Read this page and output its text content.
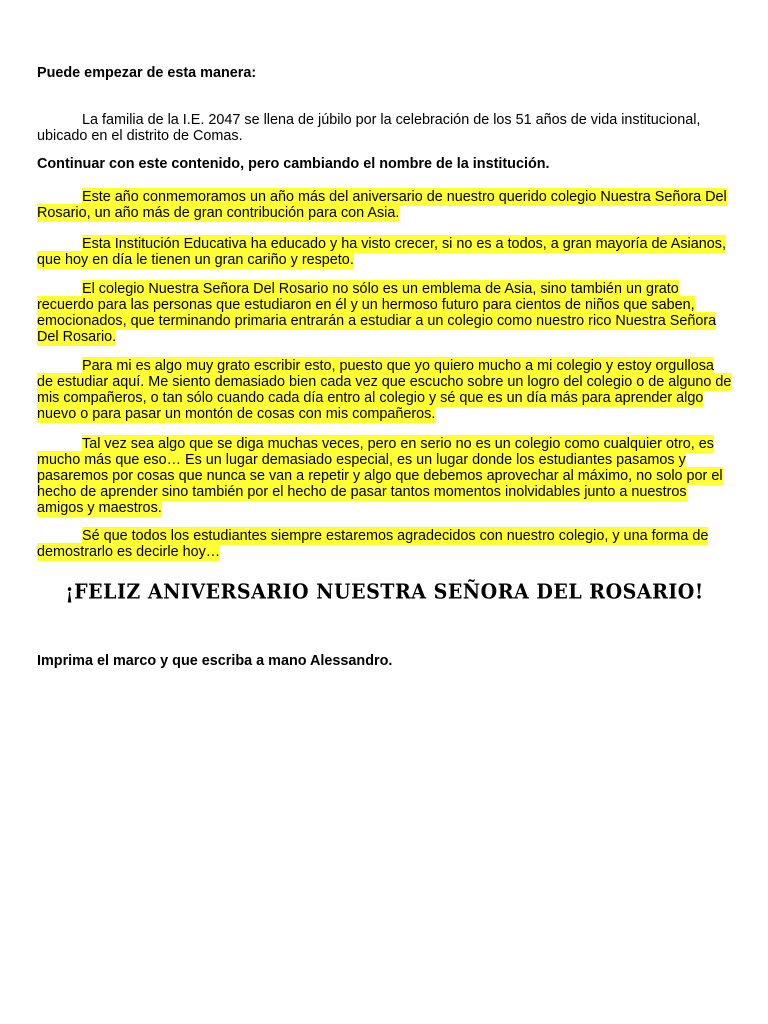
Puede empezar de esta manera:

La familia de la I.E. 2047 se llena de júbilo por la celebración de los 51 años de vida institucional, ubicado en el distrito de Comas.

Continuar con este contenido, pero cambiando el nombre de la institución.

Este año conmemoramos un año más del aniversario de nuestro querido colegio Nuestra Señora Del Rosario, un año más de gran contribución para con Asia.

Esta Institución Educativa ha educado y ha visto crecer, si no es a todos, a gran mayoría de Asianos, que hoy en día le tienen un gran cariño y respeto.

El colegio Nuestra Señora Del Rosario no sólo es un emblema de Asia, sino también un grato recuerdo para las personas que estudiaron en él y un hermoso futuro para cientos de niños que saben, emocionados, que terminando primaria entrarán a estudiar a un colegio como nuestro rico Nuestra Señora Del Rosario.

Para mi es algo muy grato escribir esto, puesto que yo quiero mucho a mi colegio y estoy orgullosa de estudiar aquí. Me siento demasiado bien cada vez que escucho sobre un logro del colegio o de alguno de mis compañeros, o tan sólo cuando cada día entro al colegio y sé que es un día más para aprender algo nuevo o para pasar un montón de cosas con mis compañeros.

Tal vez sea algo que se diga muchas veces, pero en serio no es un colegio como cualquier otro, es mucho más que eso… Es un lugar demasiado especial, es un lugar donde los estudiantes pasamos y pasaremos por cosas que nunca se van a repetir y algo que debemos aprovechar al máximo, no solo por el hecho de aprender sino también por el hecho de pasar tantos momentos inolvidables junto a nuestros amigos y maestros.

Sé que todos los estudiantes siempre estaremos agradecidos con nuestro colegio, y una forma de demostrarlo es decirle hoy…

¡FELIZ ANIVERSARIO NUESTRA SEÑORA DEL ROSARIO!

Imprima el marco y que escriba a mano Alessandro.
